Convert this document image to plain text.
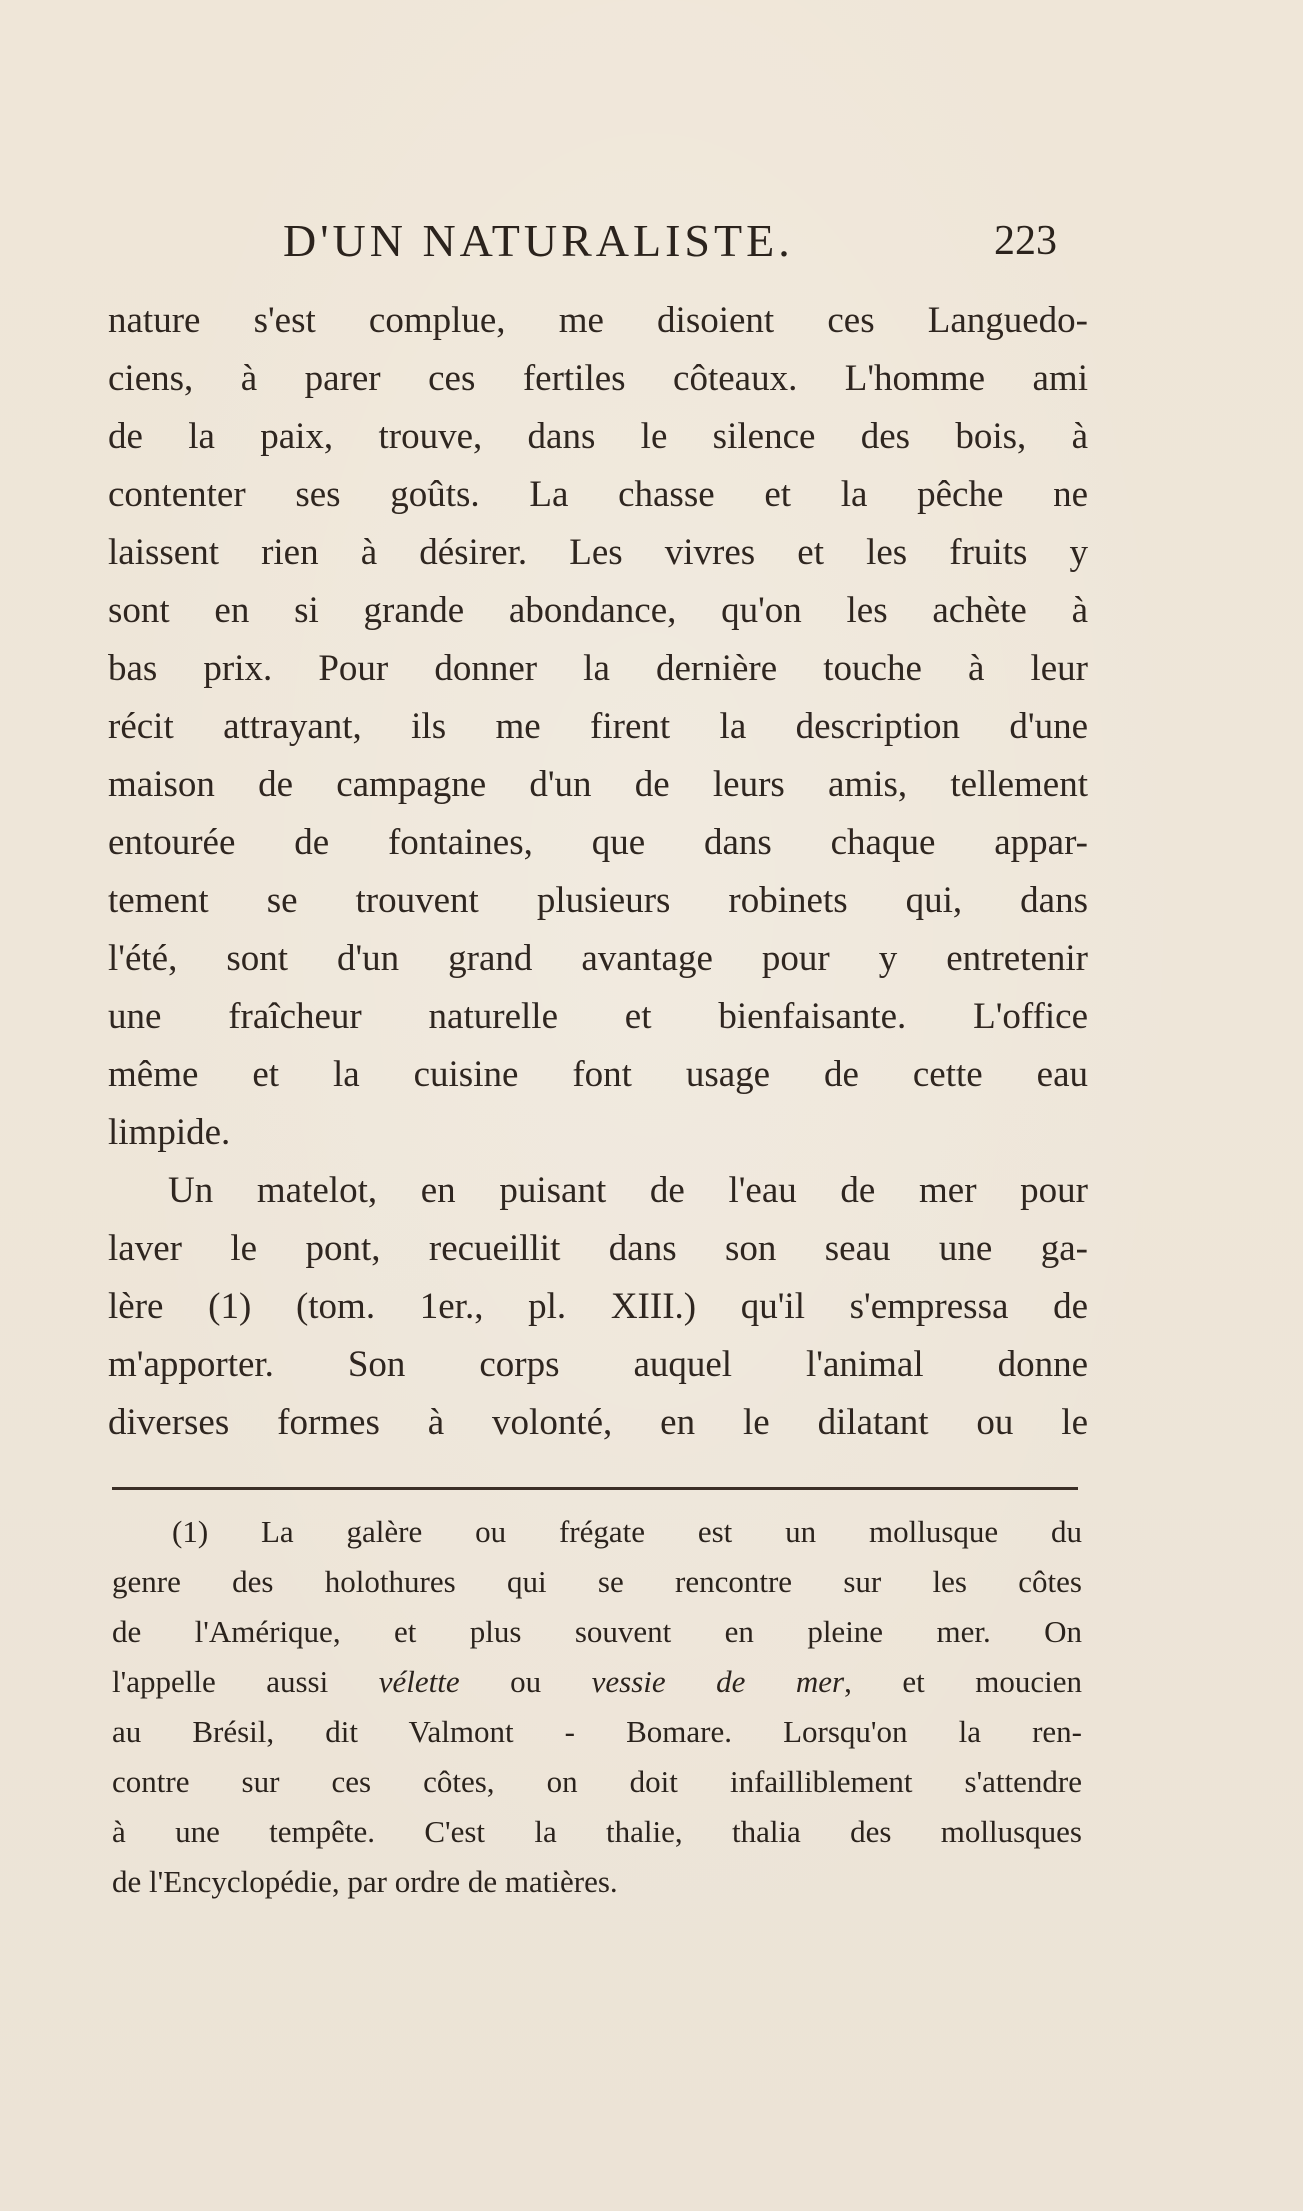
D'UN NATURALISTE.	223
nature s'est complue, me disoient ces Languedo-
ciens, à parer ces fertiles côteaux. L'homme ami
de la paix, trouve, dans le silence des bois, à
contenter ses goûts. La chasse et la pêche ne
laissent rien à désirer. Les vivres et les fruits y
sont en si grande abondance, qu'on les achète à
bas prix. Pour donner la dernière touche à leur
récit attrayant, ils me firent la description d'une
maison de campagne d'un de leurs amis, tellement
entourée de fontaines, que dans chaque appar-
tement se trouvent plusieurs robinets qui, dans
l'été, sont d'un grand avantage pour y entretenir
une fraîcheur naturelle et bienfaisante. L'office
même et la cuisine font usage de cette eau
limpide.
Un matelot, en puisant de l'eau de mer pour
laver le pont, recueillit dans son seau une ga-
lère (1) (tom. 1er., pl. XIII.) qu'il s'empressa de
m'apporter. Son corps auquel l'animal donne
diverses formes à volonté, en le dilatant ou le
(1) La galère ou frégate est un mollusque du
genre des holothures qui se rencontre sur les côtes
de l'Amérique, et plus souvent en pleine mer. On
l'appelle aussi vélette ou vessie de mer, et moucien
au Brésil, dit Valmont - Bomare. Lorsqu'on la ren-
contre sur ces côtes, on doit infailliblement s'attendre
à une tempête. C'est la thalie, thalia des mollusques
de l'Encyclopédie, par ordre de matières.
